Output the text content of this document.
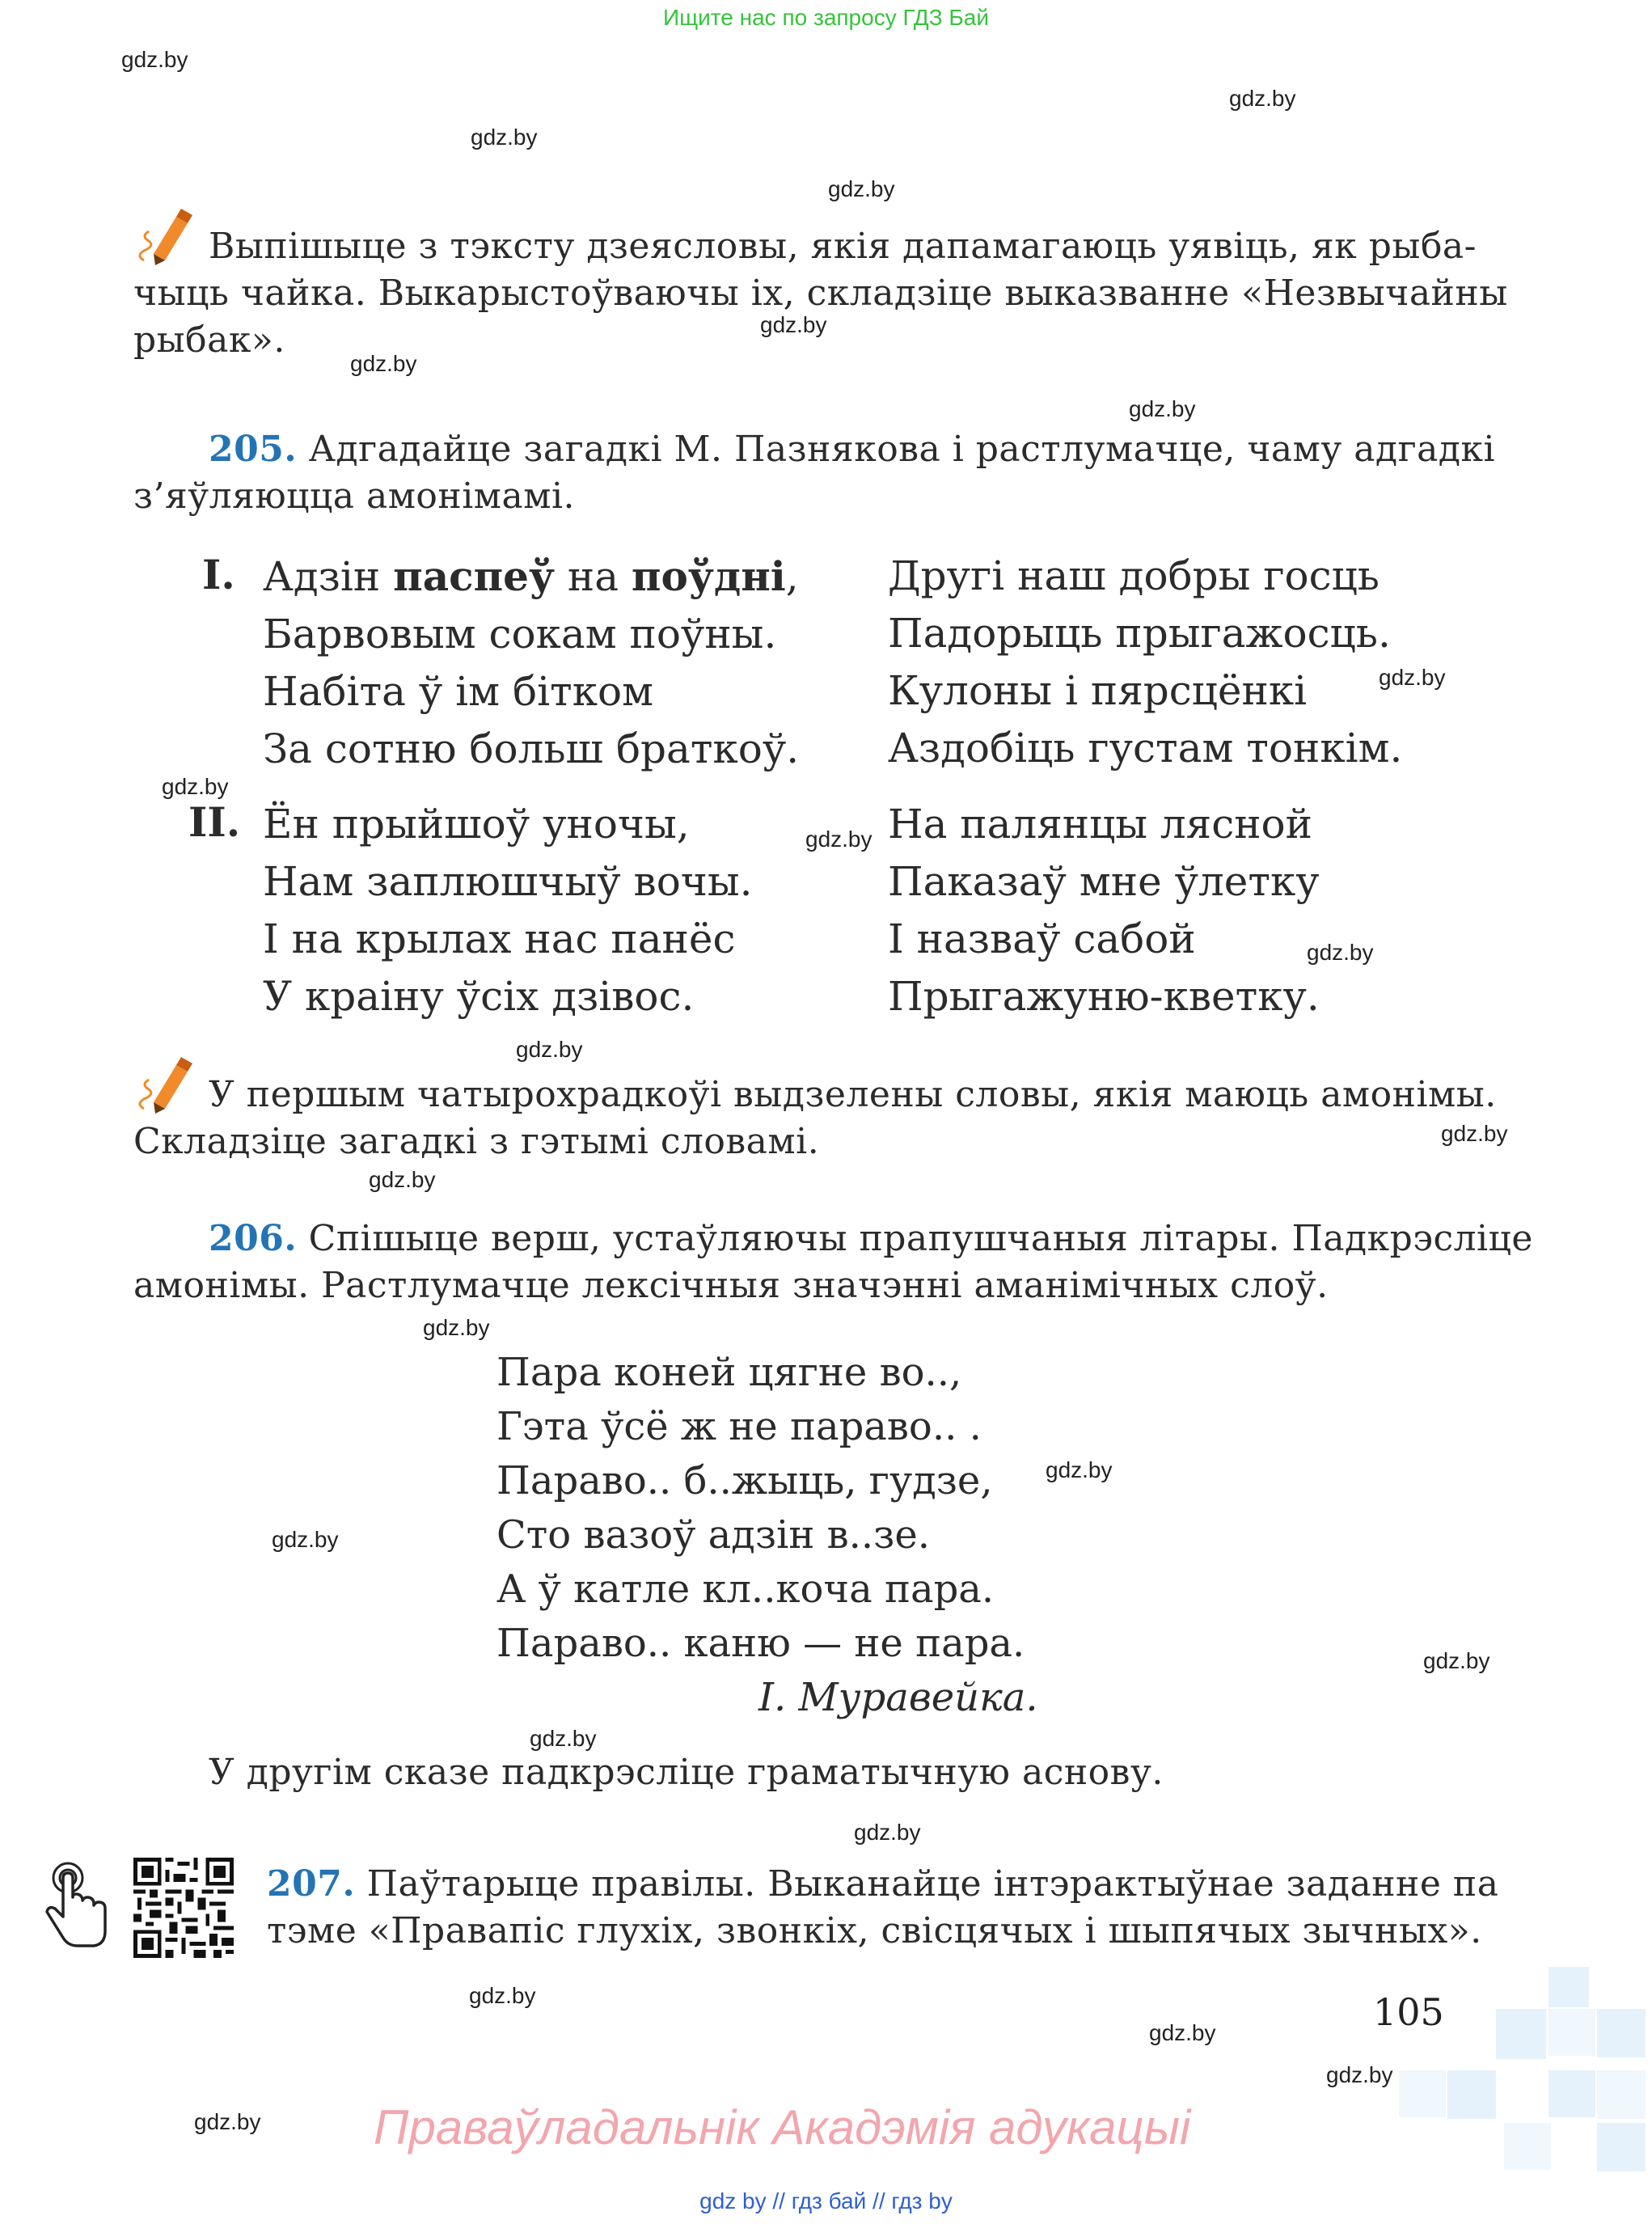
Ищите нас по запросу ГДЗ Бай
gdz.by
gdz.by
gdz.by
gdz.by
gdz.by
gdz.by
gdz.by
gdz.by
gdz.by
gdz.by
gdz.by
gdz.by
gdz.by
gdz.by
gdz.by
gdz.by
gdz.by
gdz.by
gdz.by
gdz.by
gdz.by
gdz.by
gdz.by
gdz.by
Выпішыце з тэксту дзеясловы, якія дапамагаюць уявіць, як рыба-
чыць чайка. Выкарыстоўваючы іх, складзіце выказванне «Незвычайны
рыбак».
205. Адгадайце загадкі М. Пазнякова і растлумачце, чаму адгадкі
з’яўляюцца амонімамі.
I. Адзін паспеў на поўдні,
Барвовым сокам поўны.
Набіта ў ім бітком
За сотню больш браткоў.
Другі наш добры госць
Падорыць прыгажосць.
Кулоны і пярсцёнкі
Аздобіць густам тонкім.
II. Ён прыйшоў уночы,
Нам заплюшчыў вочы.
І на крылах нас панёс
У краіну ўсіх дзівос.
На палянцы лясной
Паказаў мне ўлетку
І назваў сабой
Прыгажуню-кветку.
У першым чатырохрадкоўі выдзелены словы, якія маюць амонімы.
Складзіце загадкі з гэтымі словамі.
206. Спішыце верш, устаўляючы прапушчаныя літары. Падкрэсліце
амонімы. Растлумачце лексічныя значэнні аманімічных слоў.
Пара коней цягне во..,
Гэта ўсё ж не параво.. .
Параво.. б..жыць, гудзе,
Сто вазоў адзін в..зе.
А ў катле кл..коча пара.
Параво.. каню — не пара.
І. Муравейка.
У другім сказе падкрэсліце граматычную аснову.
207. Паўтарыце правілы. Выканайце інтэрактыўнае заданне па
тэме «Правапіс глухіх, звонкіх, свісцячых і шыпячых зычных».
105
Праваўладальнік Акадэмія адукацыі
gdz by // гдз бай // гдз by
